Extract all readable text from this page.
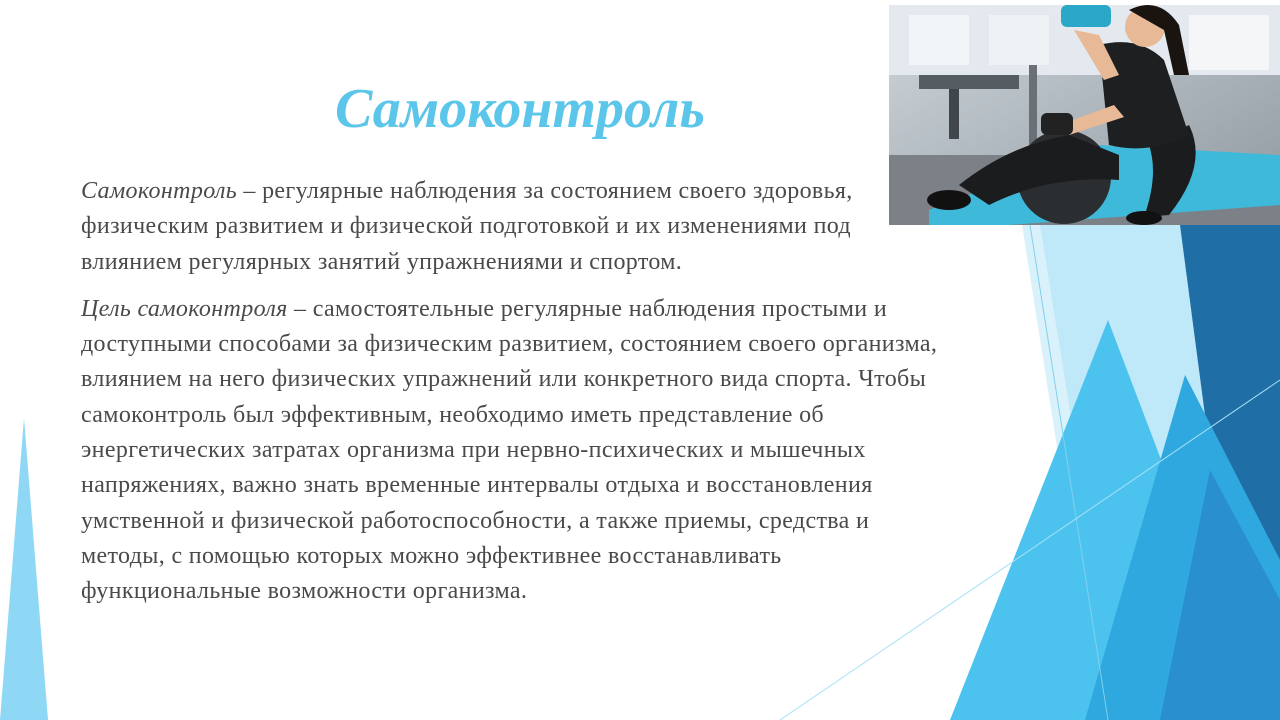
Самоконтроль

Самоконтроль – регулярные наблюдения за состоянием своего здоровья, физическим развитием и физической подготовкой и их изменениями под влиянием регулярных занятий упражнениями и спортом.

Цель самоконтроля – самостоятельные регулярные наблюдения простыми и доступными способами за физическим развитием, состоянием своего организма, влиянием на него физических упражнений или конкретного вида спорта. Чтобы самоконтроль был эффективным, необходимо иметь представление об энергетических затратах организма при нервно-психических и мышечных напряжениях, важно знать временные интервалы отдыха и восстановления умственной и физической работоспособности, а также приемы, средства и методы, с помощью которых можно эффективнее восстанавливать функциональные возможности организма.
